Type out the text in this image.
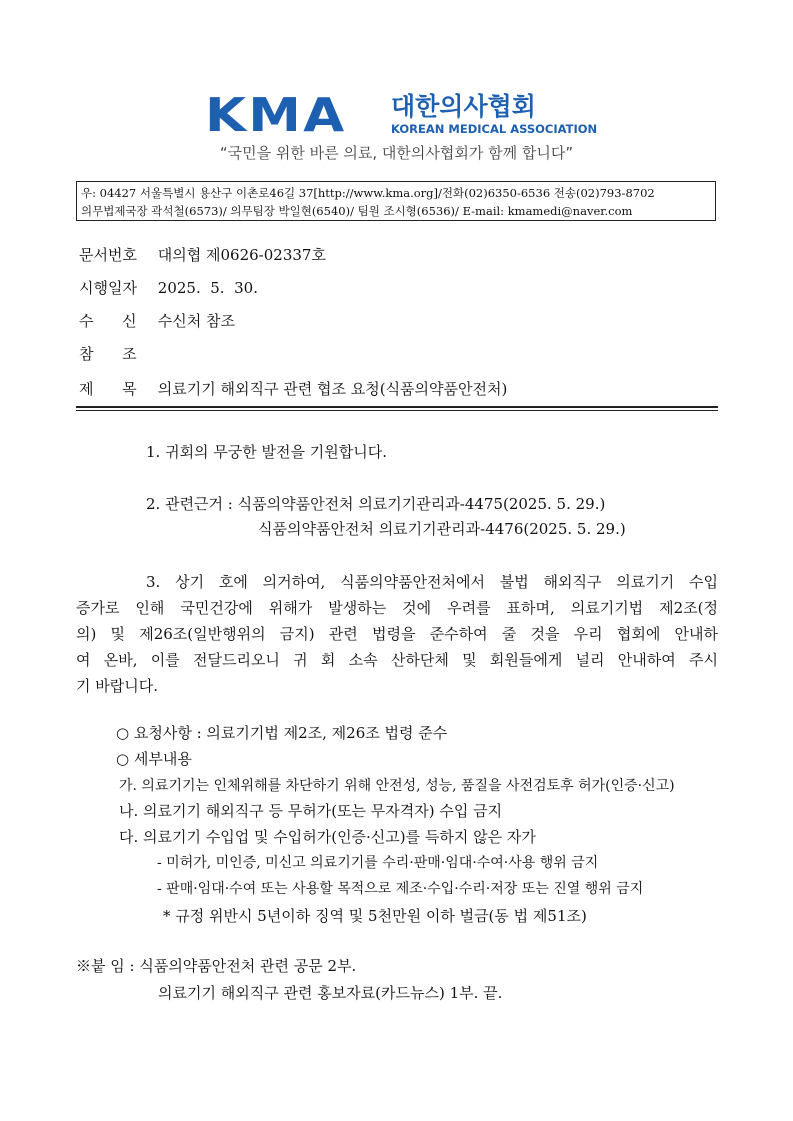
KMA 대한의사협회
KOREAN MEDICAL ASSOCIATION
“국민을 위한 바른 의료, 대한의사협회가 함께 합니다”
우: 04427 서울특별시 용산구 이촌로46길 37[http://www.kma.org]/전화(02)6350-6536 전송(02)793-8702
의무법제국장 곽석철(6573)/ 의무팀장 박일현(6540)/ 팀원 조시형(6536)/ E-mail: kmamedi@naver.com
문서번호 대의협 제0626-02337호
시행일자 2025.  5.  30.
수      신 수신처 참조
참      조
제      목 의료기기 해외직구 관련 협조 요청(식품의약품안전처)
1. 귀회의 무궁한 발전을 기원합니다.
2. 관련근거 : 식품의약품안전처 의료기기관리과-4475(2025. 5. 29.)
식품의약품안전처 의료기기관리과-4476(2025. 5. 29.)
3. 상기 호에 의거하여, 식품의약품안전처에서 불법 해외직구 의료기기 수입
증가로 인해 국민건강에 위해가 발생하는 것에 우려를 표하며, 의료기기법 제2조(정
의) 및 제26조(일반행위의 금지) 관련 법령을 준수하여 줄 것을 우리 협회에 안내하
여 온바, 이를 전달드리오니 귀 회 소속 산하단체 및 회원들에게 널리 안내하여 주시
기 바랍니다.
○ 요청사항 : 의료기기법 제2조, 제26조 법령 준수
○ 세부내용
가. 의료기기는 인체위해를 차단하기 위해 안전성, 성능, 품질을 사전검토후 허가(인증·신고)
나. 의료기기 해외직구 등 무허가(또는 무자격자) 수입 금지
다. 의료기기 수입업 및 수입허가(인증·신고)를 득하지 않은 자가
- 미허가, 미인증, 미신고 의료기기를 수리·판매·임대·수여·사용 행위 금지
- 판매·임대·수여 또는 사용할 목적으로 제조·수입·수리·저장 또는 진열 행위 금지
* 규정 위반시 5년이하 징역 및 5천만원 이하 벌금(동 법 제51조)
※붙 임 : 식품의약품안전처 관련 공문 2부.
의료기기 해외직구 관련 홍보자료(카드뉴스) 1부. 끝.
